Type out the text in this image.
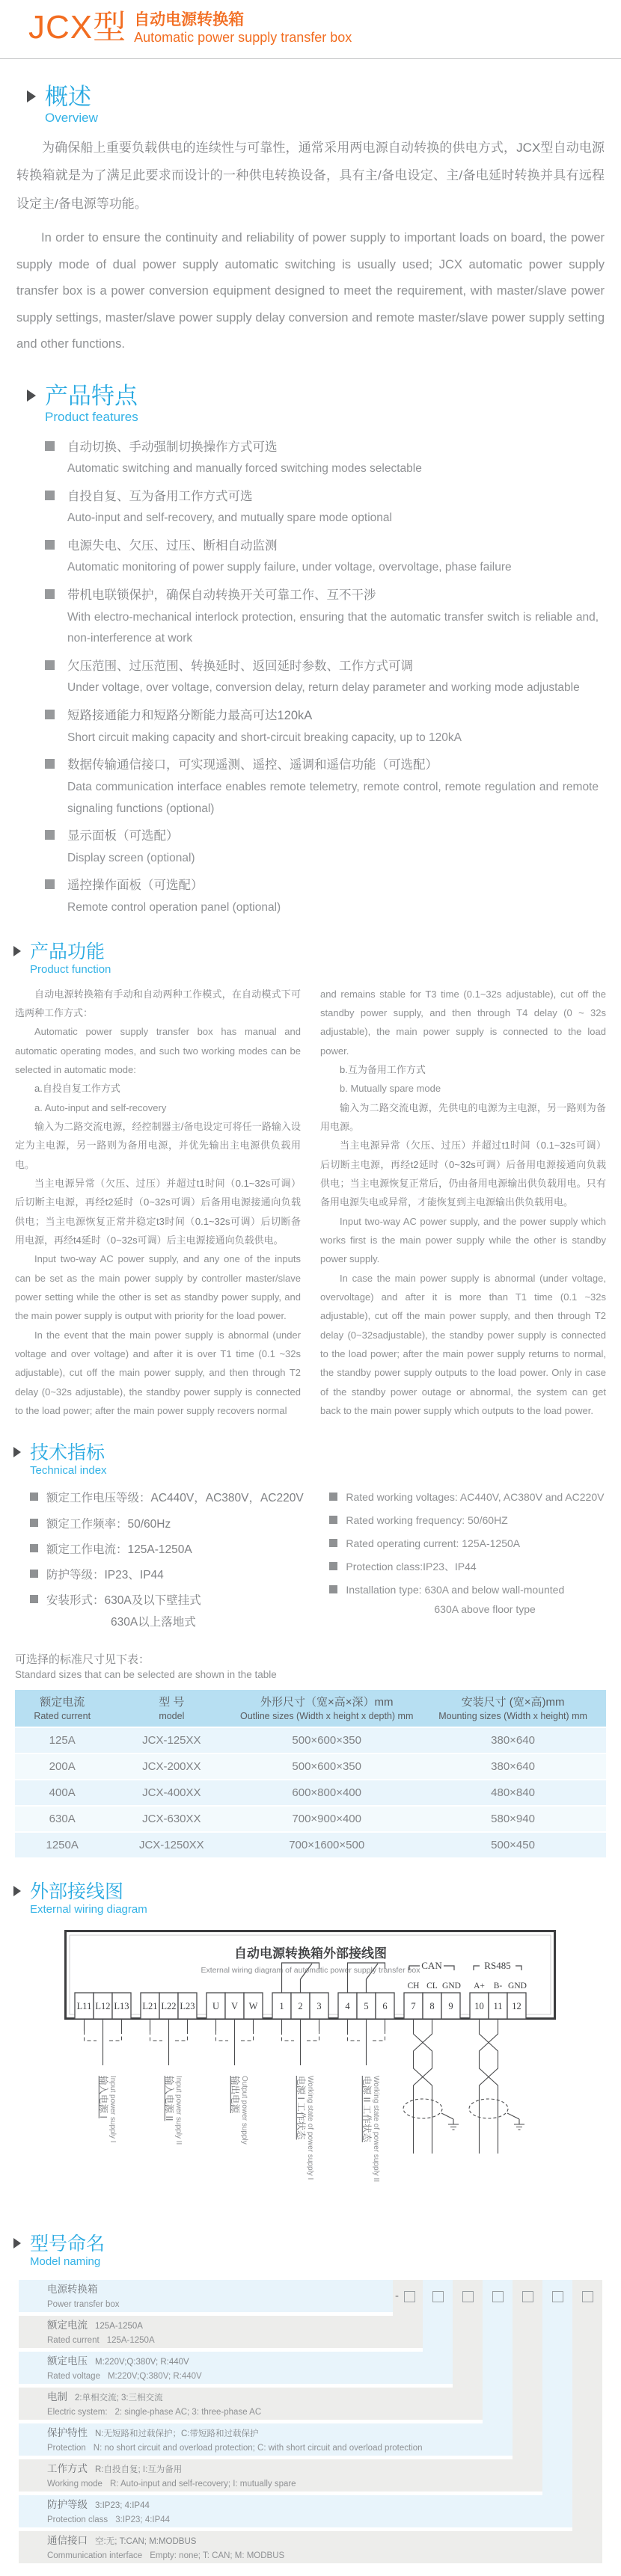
JCX型 自动电源转换箱
Automatic power supply transfer box
概述
Overview

为确保船上重要负载供电的连续性与可靠性，通常采用两电源自动转换的供电方式，JCX型自动电源转换箱就是为了满足此要求而设计的一种供电转换设备，具有主/备电设定、主/备电延时转换并具有远程设定主/备电源等功能。

In order to ensure the continuity and reliability of power supply to important loads on board, the power supply mode of dual power supply automatic switching is usually used; JCX automatic power supply transfer box is a power conversion equipment designed to meet the requirement, with master/slave power supply settings, master/slave power supply delay conversion and remote master/slave power supply setting and other functions.

产品特点
Product features
自动切换、手动强制切换操作方式可选
Automatic switching and manually forced switching modes selectable
自投自复、互为备用工作方式可选
Auto-input and self-recovery, and mutually spare mode optional
电源失电、欠压、过压、断相自动监测
Automatic monitoring of power supply failure, under voltage, overvoltage, phase failure
带机电联锁保护，确保自动转换开关可靠工作、互不干涉
With electro-mechanical interlock protection, ensuring that the automatic transfer switch is reliable and, non-interference at work
欠压范围、过压范围、转换延时、返回延时参数、工作方式可调
Under voltage, over voltage, conversion delay, return delay parameter and working mode adjustable
短路接通能力和短路分断能力最高可达120kA
Short circuit making capacity and short-circuit breaking capacity, up to 120kA
数据传输通信接口，可实现遥测、遥控、遥调和遥信功能（可选配）
Data communication interface enables remote telemetry, remote control, remote regulation and remote signaling functions (optional)
显示面板（可选配）
Display screen (optional)
遥控操作面板（可选配）
Remote control operation panel (optional)
产品功能
Product function

自动电源转换箱有手动和自动两种工作模式，在自动模式下可选两种工作方式：

Automatic power supply transfer box has manual and automatic operating modes, and such two working modes can be selected in automatic mode:

a.自投自复工作方式

a. Auto-input and self-recovery

输入为二路交流电源，经控制器主/备电设定可将任一路输入设定为主电源，另一路则为备用电源，并优先输出主电源供负载用电。

当主电源异常（欠压、过压）并超过t1时间（0.1~32s可调）后切断主电源，再经t2延时（0~32s可调）后备用电源接通向负载供电；当主电源恢复正常并稳定t3时间（0.1~32s可调）后切断备用电源，再经t4延时（0~32s可调）后主电源接通向负载供电。

Input two-way AC power supply, and any one of the inputs can be set as the main power supply by controller master/slave power setting while the other is set as standby power supply, and the main power supply is output with priority for the load power.

In the event that the main power supply is abnormal (under voltage and over voltage) and after it is over T1 time (0.1 ~32s adjustable), cut off the main power supply, and then through T2 delay (0~32s adjustable), the standby power supply is connected to the load power; after the main power supply recovers normal

and remains stable for T3 time (0.1~32s adjustable), cut off the standby power supply, and then through T4 delay (0 ~ 32s adjustable), the main power supply is connected to the load power.

b.互为备用工作方式

b. Mutually spare mode

输入为二路交流电源，先供电的电源为主电源，另一路则为备用电源。

当主电源异常（欠压、过压）并超过t1时间（0.1~32s可调）后切断主电源，再经t2延时（0~32s可调）后备用电源接通向负载供电；当主电源恢复正常后，仍由备用电源输出供负载用电。只有备用电源失电或异常，才能恢复到主电源输出供负载用电。

Input two-way AC power supply, and the power supply which works first is the main power supply while the other is standby power supply.

In case the main power supply is abnormal (under voltage, overvoltage) and after it is more than T1 time (0.1 ~32s adjustable), cut off the main power supply, and then through T2 delay (0~32sadjustable), the standby power supply is connected to the load power; after the main power supply returns to normal, the standby power supply outputs to the load power. Only in case of the standby power outage or abnormal, the system can get back to the main power supply which outputs to the load power.

技术指标
Technical index
额定工作电压等级：AC440V，AC380V，AC220V
额定工作频率：50/60Hz
额定工作电流：125A-1250A
防护等级：IP23、IP44
安装形式：630A及以下壁挂式
630A以上落地式
Rated working voltages: AC440V, AC380V and AC220V
Rated working frequency: 50/60HZ
Rated operating current: 125A-1250A
Protection class:IP23、IP44
Installation type: 630A and below wall-mounted
630A above floor type
可选择的标准尺寸见下表：
Standard sizes that can be selected are shown in the table
额定电流
Rated current

型 号
model

外形尺寸（宽×高×深）mm
Outline sizes (Width x height x depth) mm

安装尺寸 (宽×高)mm
Mounting sizes (Width x height) mm

125A	JCX-125XX	500×600×350	380×640
200A	JCX-200XX	500×600×350	380×640
400A	JCX-400XX	600×800×400	480×840
630A	JCX-630XX	700×900×400	580×940
1250A	JCX-1250XX	700×1600×500	500×450
外部接线图
External wiring diagram
自动电源转换箱外部接线图
External wiring diagram of automatic power supply transfer box CAN	RS485
CH CL GND A+ B- GND
L11 L12 L13 L21 L22 L23 U V W 1 2 3	4 5 6	7 8 9 10 11 12
输入电源 I Input power supply I	输入电源 II Input power supply II	输出电源 Output power supply	电源 I 工作状态 Working state of power supply I	电源 II 工作状态 Working state of power supply II
型号命名
Model naming
-
电源转换箱
Power transfer box
额定电流 125A-1250A
Rated current 125A-1250A
额定电压 M:220V;Q:380V; R:440V
Rated voltage M:220V;Q:380V; R:440V
电制 2:单相交流; 3:三相交流
Electric system: 2: single-phase AC; 3: three-phase AC
保护特性 N:无短路和过载保护；C:带短路和过载保护
Protection N: no short circuit and overload protection; C: with short circuit and overload protection
工作方式 R:自投自复; I:互为备用
Working mode R: Auto-input and self-recovery; I: mutually spare
防护等级 3:IP23; 4:IP44
Protection class 3:IP23; 4:IP44
通信接口 空:无; T:CAN; M:MODBUS
Communication interface Empty: none; T: CAN; M: MODBUS
